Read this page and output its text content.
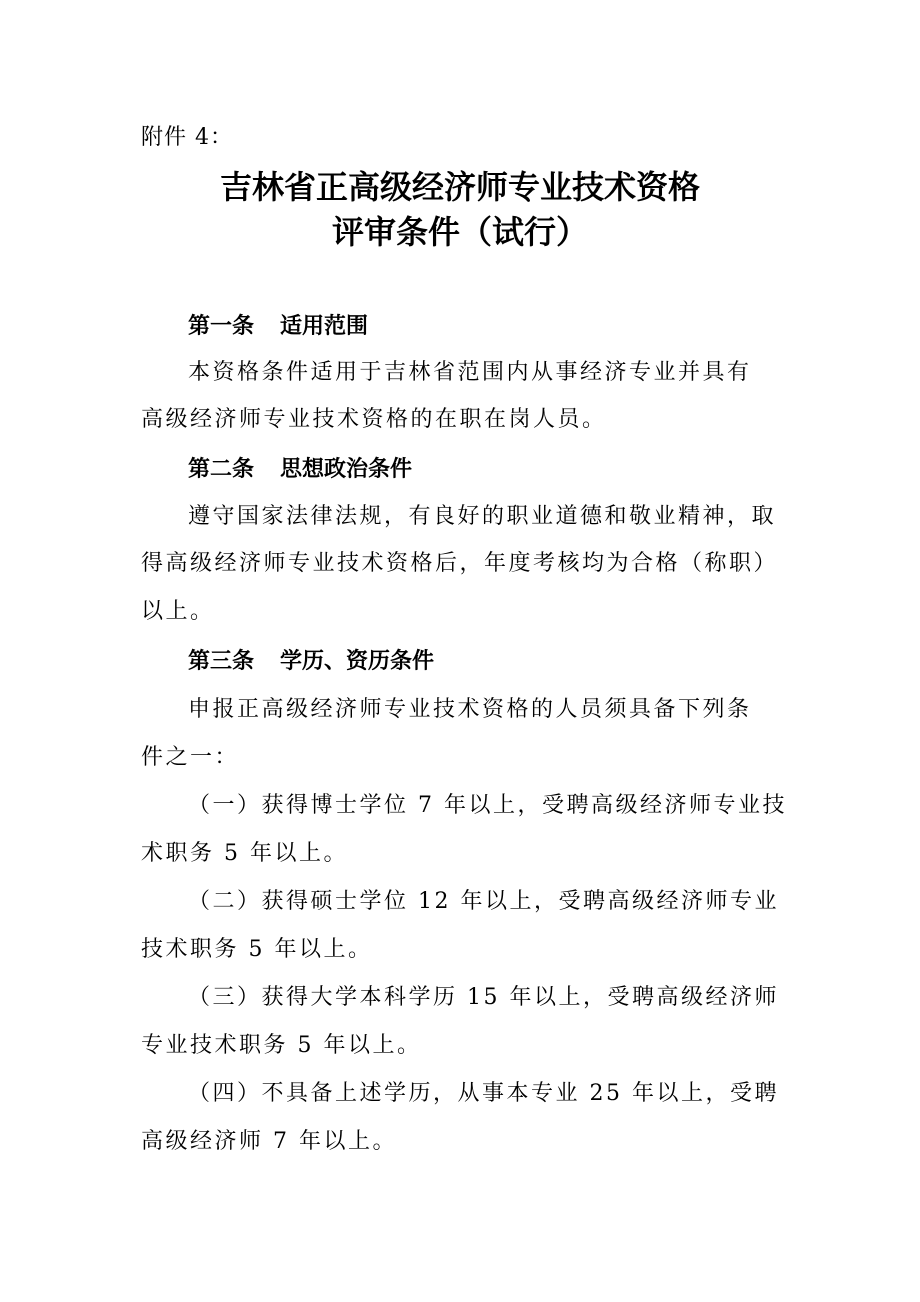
附件 4：
吉林省正高级经济师专业技术资格
评审条件（试行）
第一条 适用范围
本资格条件适用于吉林省范围内从事经济专业并具有
高级经济师专业技术资格的在职在岗人员。
第二条 思想政治条件
遵守国家法律法规，有良好的职业道德和敬业精神，取
得高级经济师专业技术资格后，年度考核均为合格（称职）
以上。
第三条 学历、资历条件
申报正高级经济师专业技术资格的人员须具备下列条
件之一：
（一）获得博士学位 7 年以上，受聘高级经济师专业技
术职务 5 年以上。
（二）获得硕士学位 12 年以上，受聘高级经济师专业
技术职务 5 年以上。
（三）获得大学本科学历 15 年以上，受聘高级经济师
专业技术职务 5 年以上。
（四）不具备上述学历，从事本专业 25 年以上，受聘
高级经济师 7 年以上。
